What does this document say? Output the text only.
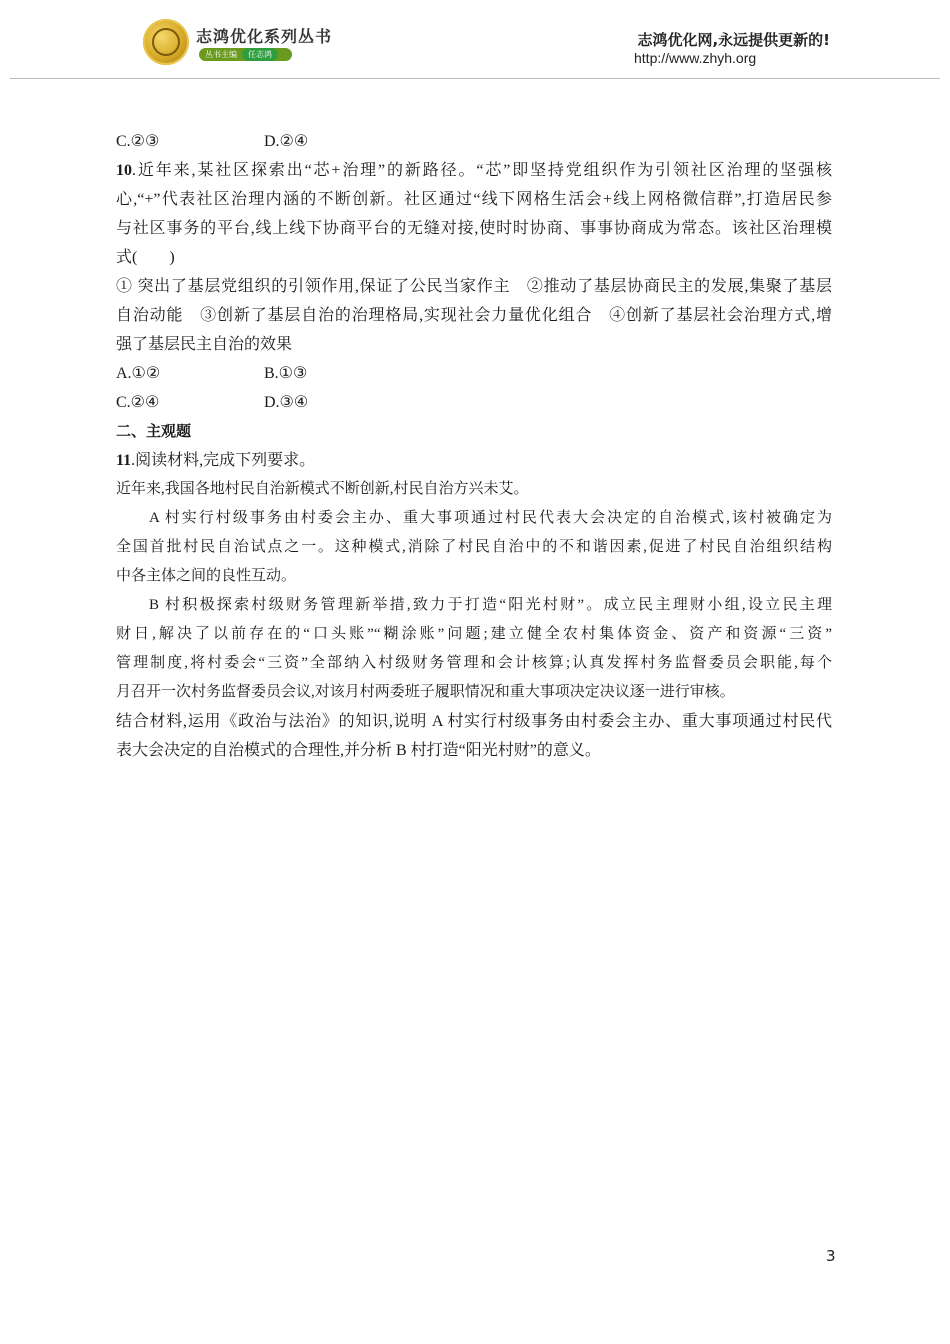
志鸿优化系列丛书
丛书主编 任志鸿
志鸿优化网,永远提供更新的!
http://www.zhyh.org
C.②③	D.②④
10.近年来,某社区探索出“芯+治理”的新路径。“芯”即坚持党组织作为引领社区治理的坚强核
心,“+”代表社区治理内涵的不断创新。社区通过“线下网格生活会+线上网格微信群”,打造居民参
与社区事务的平台,线上线下协商平台的无缝对接,使时时协商、事事协商成为常态。该社区治理模
式(　　)
① 突出了基层党组织的引领作用,保证了公民当家作主　②推动了基层协商民主的发展,集聚了基层
自治动能　③创新了基层自治的治理格局,实现社会力量优化组合　④创新了基层社会治理方式,增
强了基层民主自治的效果
A.①②	B.①③
C.②④	D.③④
二、主观题
11.阅读材料,完成下列要求。
近年来,我国各地村民自治新模式不断创新,村民自治方兴未艾。
A 村实行村级事务由村委会主办、重大事项通过村民代表大会决定的自治模式,该村被确定为
全国首批村民自治试点之一。这种模式,消除了村民自治中的不和谐因素,促进了村民自治组织结构
中各主体之间的良性互动。
B 村积极探索村级财务管理新举措,致力于打造“阳光村财”。成立民主理财小组,设立民主理
财日,解决了以前存在的“口头账”“糊涂账”问题;建立健全农村集体资金、资产和资源“三资”
管理制度,将村委会“三资”全部纳入村级财务管理和会计核算;认真发挥村务监督委员会职能,每个
月召开一次村务监督委员会议,对该月村两委班子履职情况和重大事项决定决议逐一进行审核。
结合材料,运用《政治与法治》的知识,说明 A 村实行村级事务由村委会主办、重大事项通过村民代
表大会决定的自治模式的合理性,并分析 B 村打造“阳光村财”的意义。
3
